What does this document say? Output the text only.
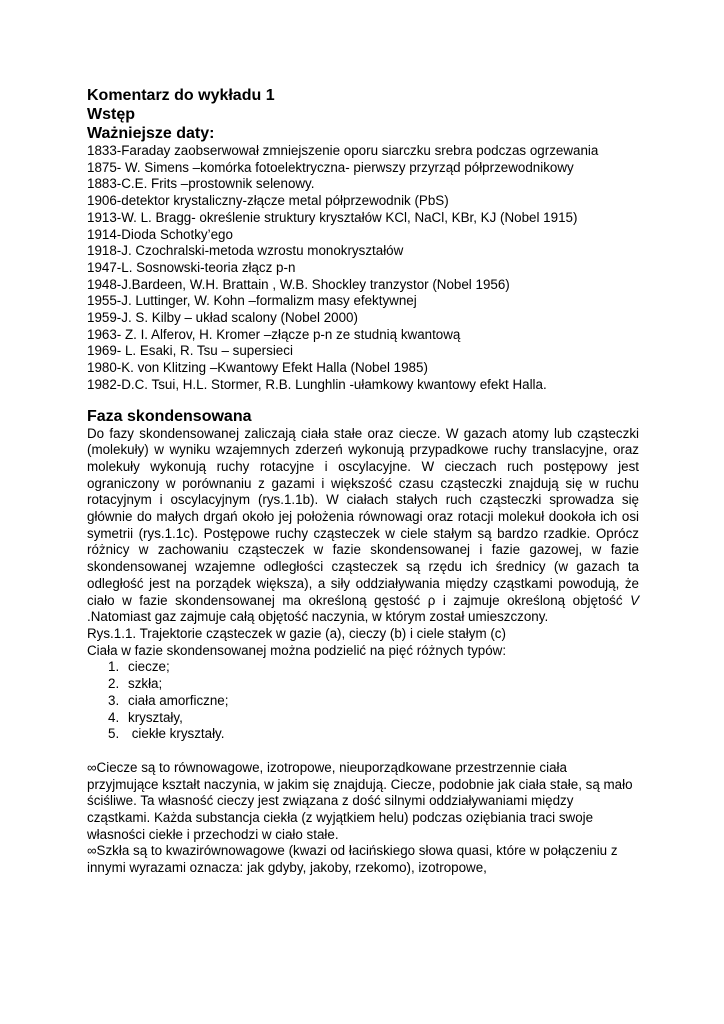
Komentarz do wykładu 1

Wstęp

Ważniejsze daty:

1833-Faraday zaobserwował zmniejszenie oporu siarczku srebra podczas ogrzewania
1875- W. Simens –komórka fotoelektryczna- pierwszy przyrząd półprzewodnikowy
1883-C.E. Frits –prostownik selenowy.
1906-detektor krystaliczny-złącze metal półprzewodnik (PbS)
1913-W. L. Bragg- określenie struktury kryształów KCl, NaCl, KBr, KJ (Nobel 1915)
1914-Dioda Schotky’ego
1918-J. Czochralski-metoda wzrostu monokryształów
1947-L. Sosnowski-teoria złącz p-n
1948-J.Bardeen, W.H. Brattain , W.B. Shockley tranzystor (Nobel 1956)
1955-J. Luttinger, W. Kohn –formalizm masy efektywnej
1959-J. S. Kilby – układ scalony (Nobel 2000)
1963- Z. I. Alferov, H. Kromer –złącze p-n ze studnią kwantową
1969- L. Esaki, R. Tsu – supersieci
1980-K. von Klitzing –Kwantowy Efekt Halla (Nobel 1985)
1982-D.C. Tsui, H.L. Stormer, R.B. Lunghlin -ułamkowy kwantowy efekt Halla.
Faza skondensowana

Do fazy skondensowanej zaliczają ciała stałe oraz ciecze. W gazach atomy lub cząsteczki (molekuły) w wyniku wzajemnych zderzeń wykonują przypadkowe ruchy translacyjne, oraz molekuły wykonują ruchy rotacyjne i oscylacyjne. W cieczach ruch postępowy jest ograniczony w porównaniu z gazami i większość czasu cząsteczki znajdują się w ruchu rotacyjnym i oscylacyjnym (rys.1.1b). W ciałach stałych ruch cząsteczki sprowadza się głównie do małych drgań około jej położenia równowagi oraz rotacji molekuł dookoła ich osi symetrii (rys.1.1c). Postępowe ruchy cząsteczek w ciele stałym są bardzo rzadkie. Oprócz różnicy w zachowaniu cząsteczek w fazie skondensowanej i fazie gazowej, w fazie skondensowanej wzajemne odległości cząsteczek są rzędu ich średnicy (w gazach ta odległość jest na porządek większa), a siły oddziaływania między cząstkami powodują, że ciało w fazie skondensowanej ma określoną gęstość ρ i zajmuje określoną objętość V .Natomiast gaz zajmuje całą objętość naczynia, w którym został umieszczony.

Rys.1.1. Trajektorie cząsteczek w gazie (a), cieczy (b) i ciele stałym (c)

Ciała w fazie skondensowanej można podzielić na pięć różnych typów:

1. ciecze;
2. szkła;
3. ciała amorficzne;
4. kryształy,
5. ciekłe kryształy.

∞Ciecze są to równowagowe, izotropowe, nieuporządkowane przestrzennie ciała przyjmujące kształt naczynia, w jakim się znajdują. Ciecze, podobnie jak ciała stałe, są mało ściśliwe. Ta własność cieczy jest związana z dość silnymi oddziaływaniami między cząstkami. Każda substancja ciekła (z wyjątkiem helu) podczas oziębiania traci swoje własności ciekłe i przechodzi w ciało stałe.

∞Szkła są to kwazirównowagowe (kwazi od łacińskiego słowa quasi, które w połączeniu z innymi wyrazami oznacza: jak gdyby, jakoby, rzekomo), izotropowe,
